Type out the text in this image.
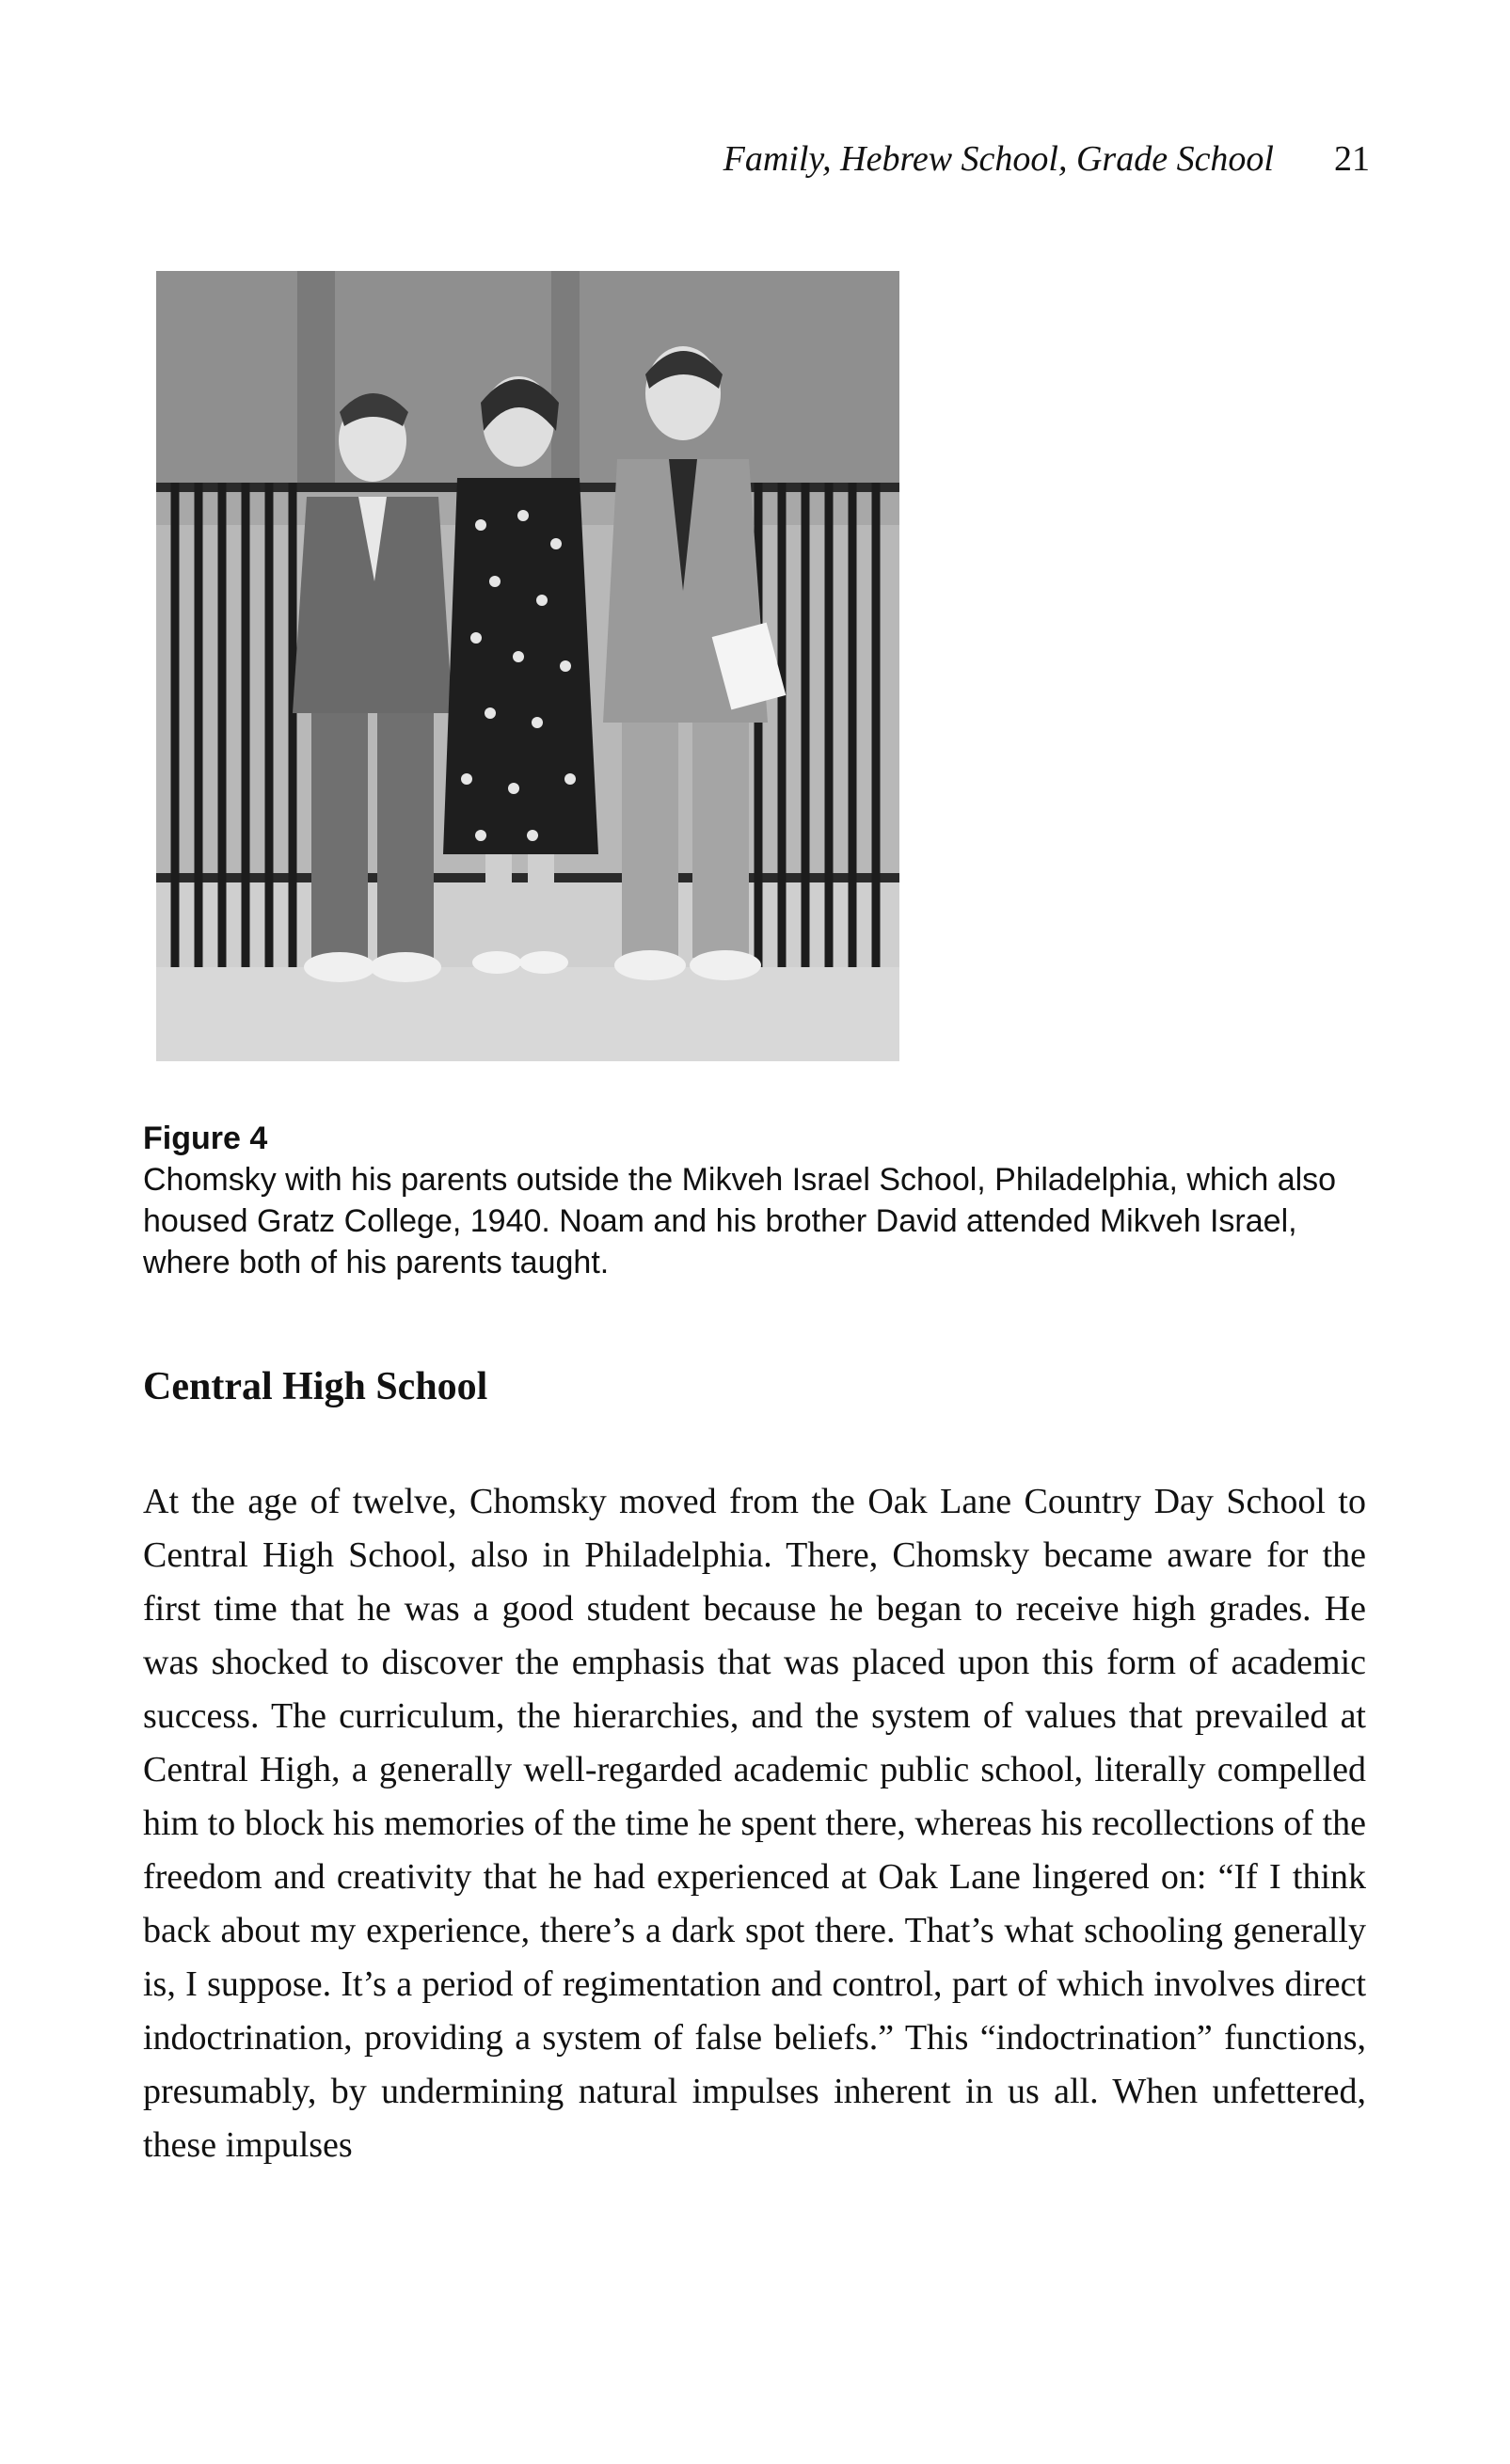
Family, Hebrew School, Grade School 21
Figure 4
Chomsky with his parents outside the Mikveh Israel School, Philadelphia, which also housed Gratz College, 1940. Noam and his brother David attended Mikveh Israel, where both of his parents taught.
Central High School
At the age of twelve, Chomsky moved from the Oak Lane Country Day School to Central High School, also in Philadelphia. There, Chomsky became aware for the first time that he was a good student because he began to receive high grades. He was shocked to discover the emphasis that was placed upon this form of academic success. The curriculum, the hierarchies, and the system of values that prevailed at Central High, a generally well-regarded academic public school, literally compelled him to block his memories of the time he spent there, whereas his recollections of the freedom and creativity that he had experienced at Oak Lane lingered on: “If I think back about my experience, there’s a dark spot there. That’s what schooling generally is, I suppose. It’s a period of regimentation and control, part of which involves direct indoctrination, providing a system of false beliefs.” This “indoctrination” functions, presumably, by undermining natural impulses inherent in us all. When unfettered, these impulses
